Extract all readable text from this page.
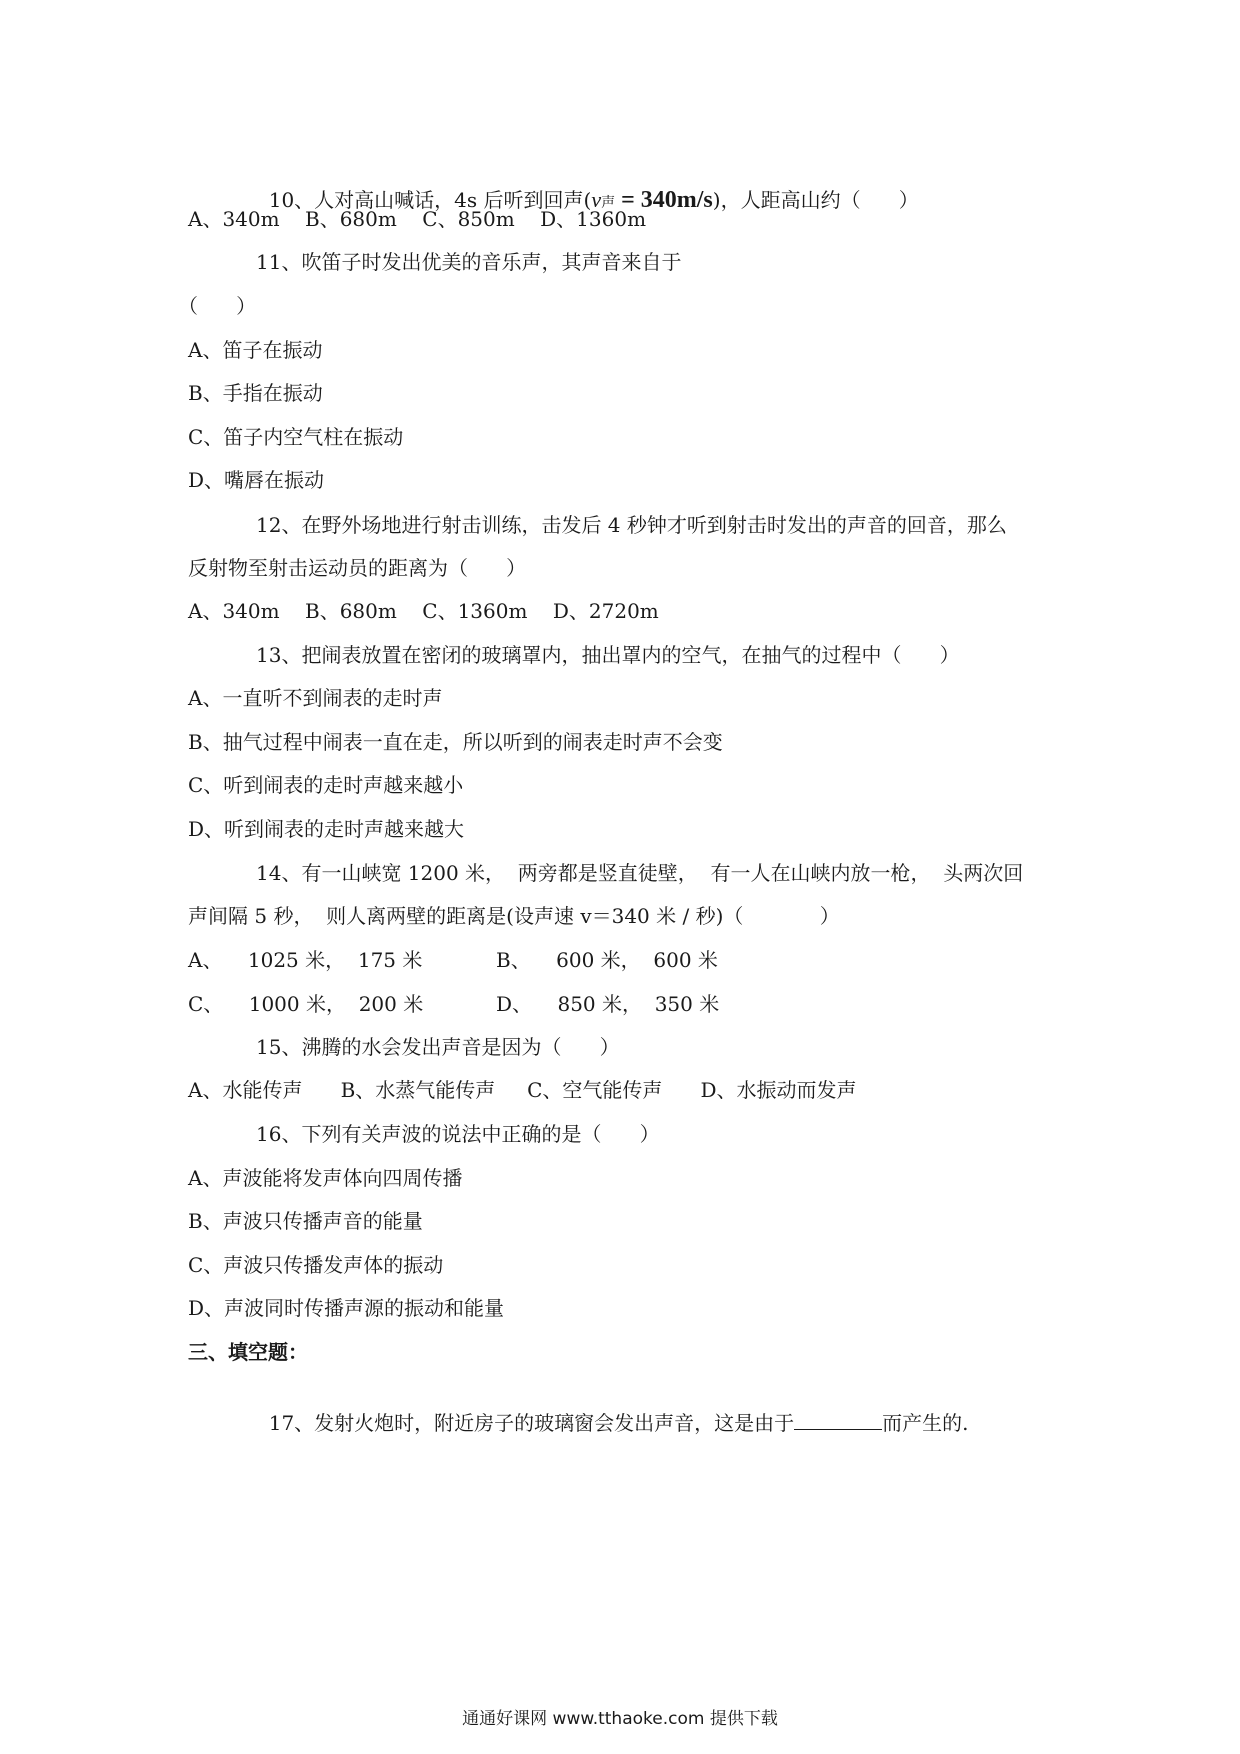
10、人对高山喊话，4s 后听到回声(v声 = 340m/s)，人距高山约（      ）

A、340m    B、680m    C、850m    D、1360m
11、吹笛子时发出优美的音乐声，其声音来自于
（      ）
A、笛子在振动
B、手指在振动
C、笛子内空气柱在振动
D、嘴唇在振动
12、在野外场地进行射击训练，击发后 4 秒钟才听到射击时发出的声音的回音，那么
反射物至射击运动员的距离为（      ）
A、340m    B、680m    C、1360m    D、2720m
13、把闹表放置在密闭的玻璃罩内，抽出罩内的空气，在抽气的过程中（      ）
A、一直听不到闹表的走时声
B、抽气过程中闹表一直在走，所以听到的闹表走时声不会变
C、听到闹表的走时声越来越小
D、听到闹表的走时声越来越大
14、有一山峡宽 1200 米，  两旁都是竖直徒壁，  有一人在山峡内放一枪，  头两次回
声间隔 5 秒，  则人离两壁的距离是(设声速 v＝340 米 / 秒)（            ）
A、    1025 米，  175 米	B、    600 米，  600 米
C、    1000 米，  200 米	D、    850 米，  350 米
15、沸腾的水会发出声音是因为（      ）
A、水能传声      B、水蒸气能传声     C、空气能传声      D、水振动而发声
16、下列有关声波的说法中正确的是（      ）
A、声波能将发声体向四周传播
B、声波只传播声音的能量
C、声波只传播发声体的振动
D、声波同时传播声源的振动和能量
三、填空题：

17、发射火炮时，附近房子的玻璃窗会发出声音，这是由于	而产生的.

通通好课网 www.tthaoke.com 提供下载
